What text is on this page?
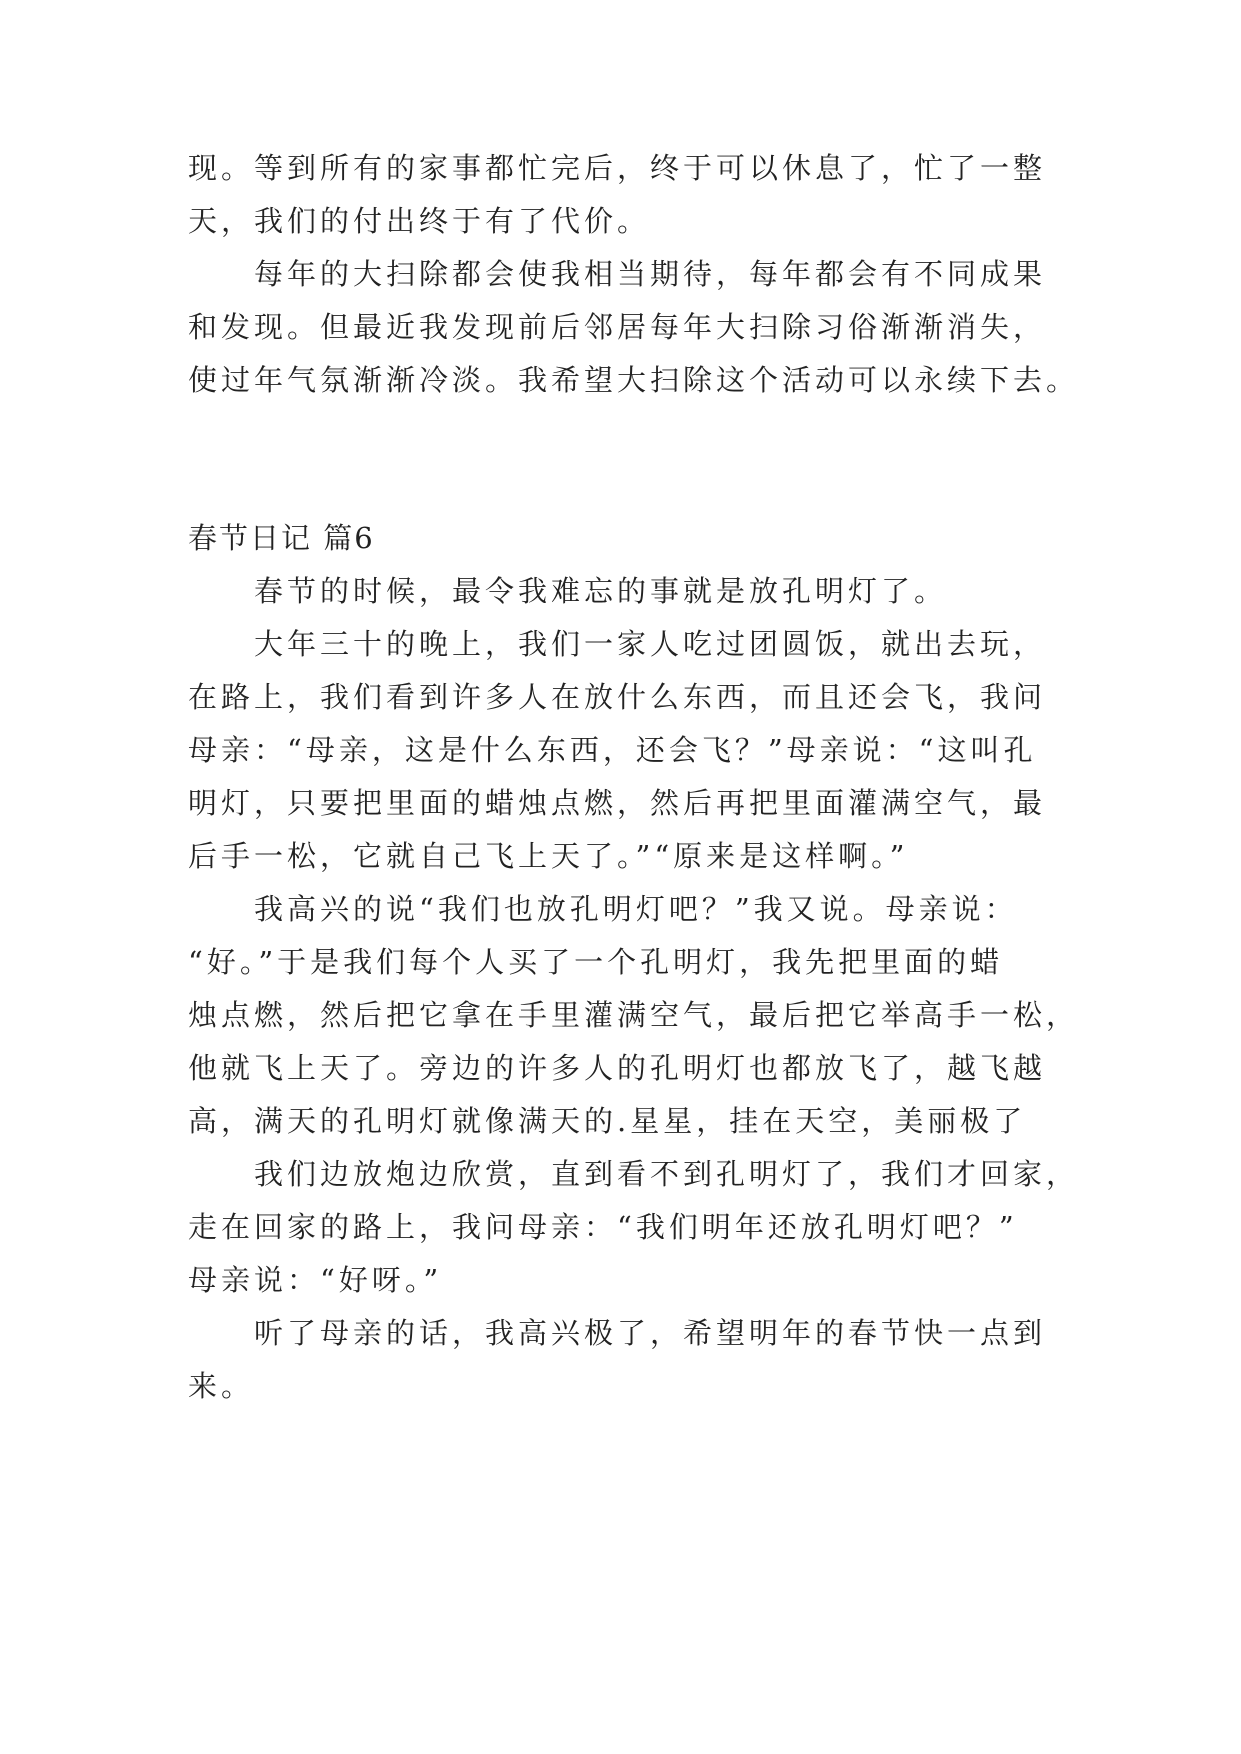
现。等到所有的家事都忙完后，终于可以休息了，忙了一整
天，我们的付出终于有了代价。
每年的大扫除都会使我相当期待，每年都会有不同成果
和发现。但最近我发现前后邻居每年大扫除习俗渐渐消失，
使过年气氛渐渐冷淡。我希望大扫除这个活动可以永续下去。
春节日记 篇6
春节的时候，最令我难忘的事就是放孔明灯了。
大年三十的晚上，我们一家人吃过团圆饭，就出去玩，
在路上，我们看到许多人在放什么东西，而且还会飞，我问
母亲：“母亲，这是什么东西，还会飞？”母亲说：“这叫孔
明灯，只要把里面的蜡烛点燃，然后再把里面灌满空气，最
后手一松，它就自己飞上天了。”“原来是这样啊。”
我高兴的说“我们也放孔明灯吧？”我又说。母亲说：
“好。”于是我们每个人买了一个孔明灯，我先把里面的蜡
烛点燃，然后把它拿在手里灌满空气，最后把它举高手一松，
他就飞上天了。旁边的许多人的孔明灯也都放飞了，越飞越
高，满天的孔明灯就像满天的.星星，挂在天空，美丽极了
我们边放炮边欣赏，直到看不到孔明灯了，我们才回家，
走在回家的路上，我问母亲：“我们明年还放孔明灯吧？”
母亲说：“好呀。”
听了母亲的话，我高兴极了，希望明年的春节快一点到
来。
